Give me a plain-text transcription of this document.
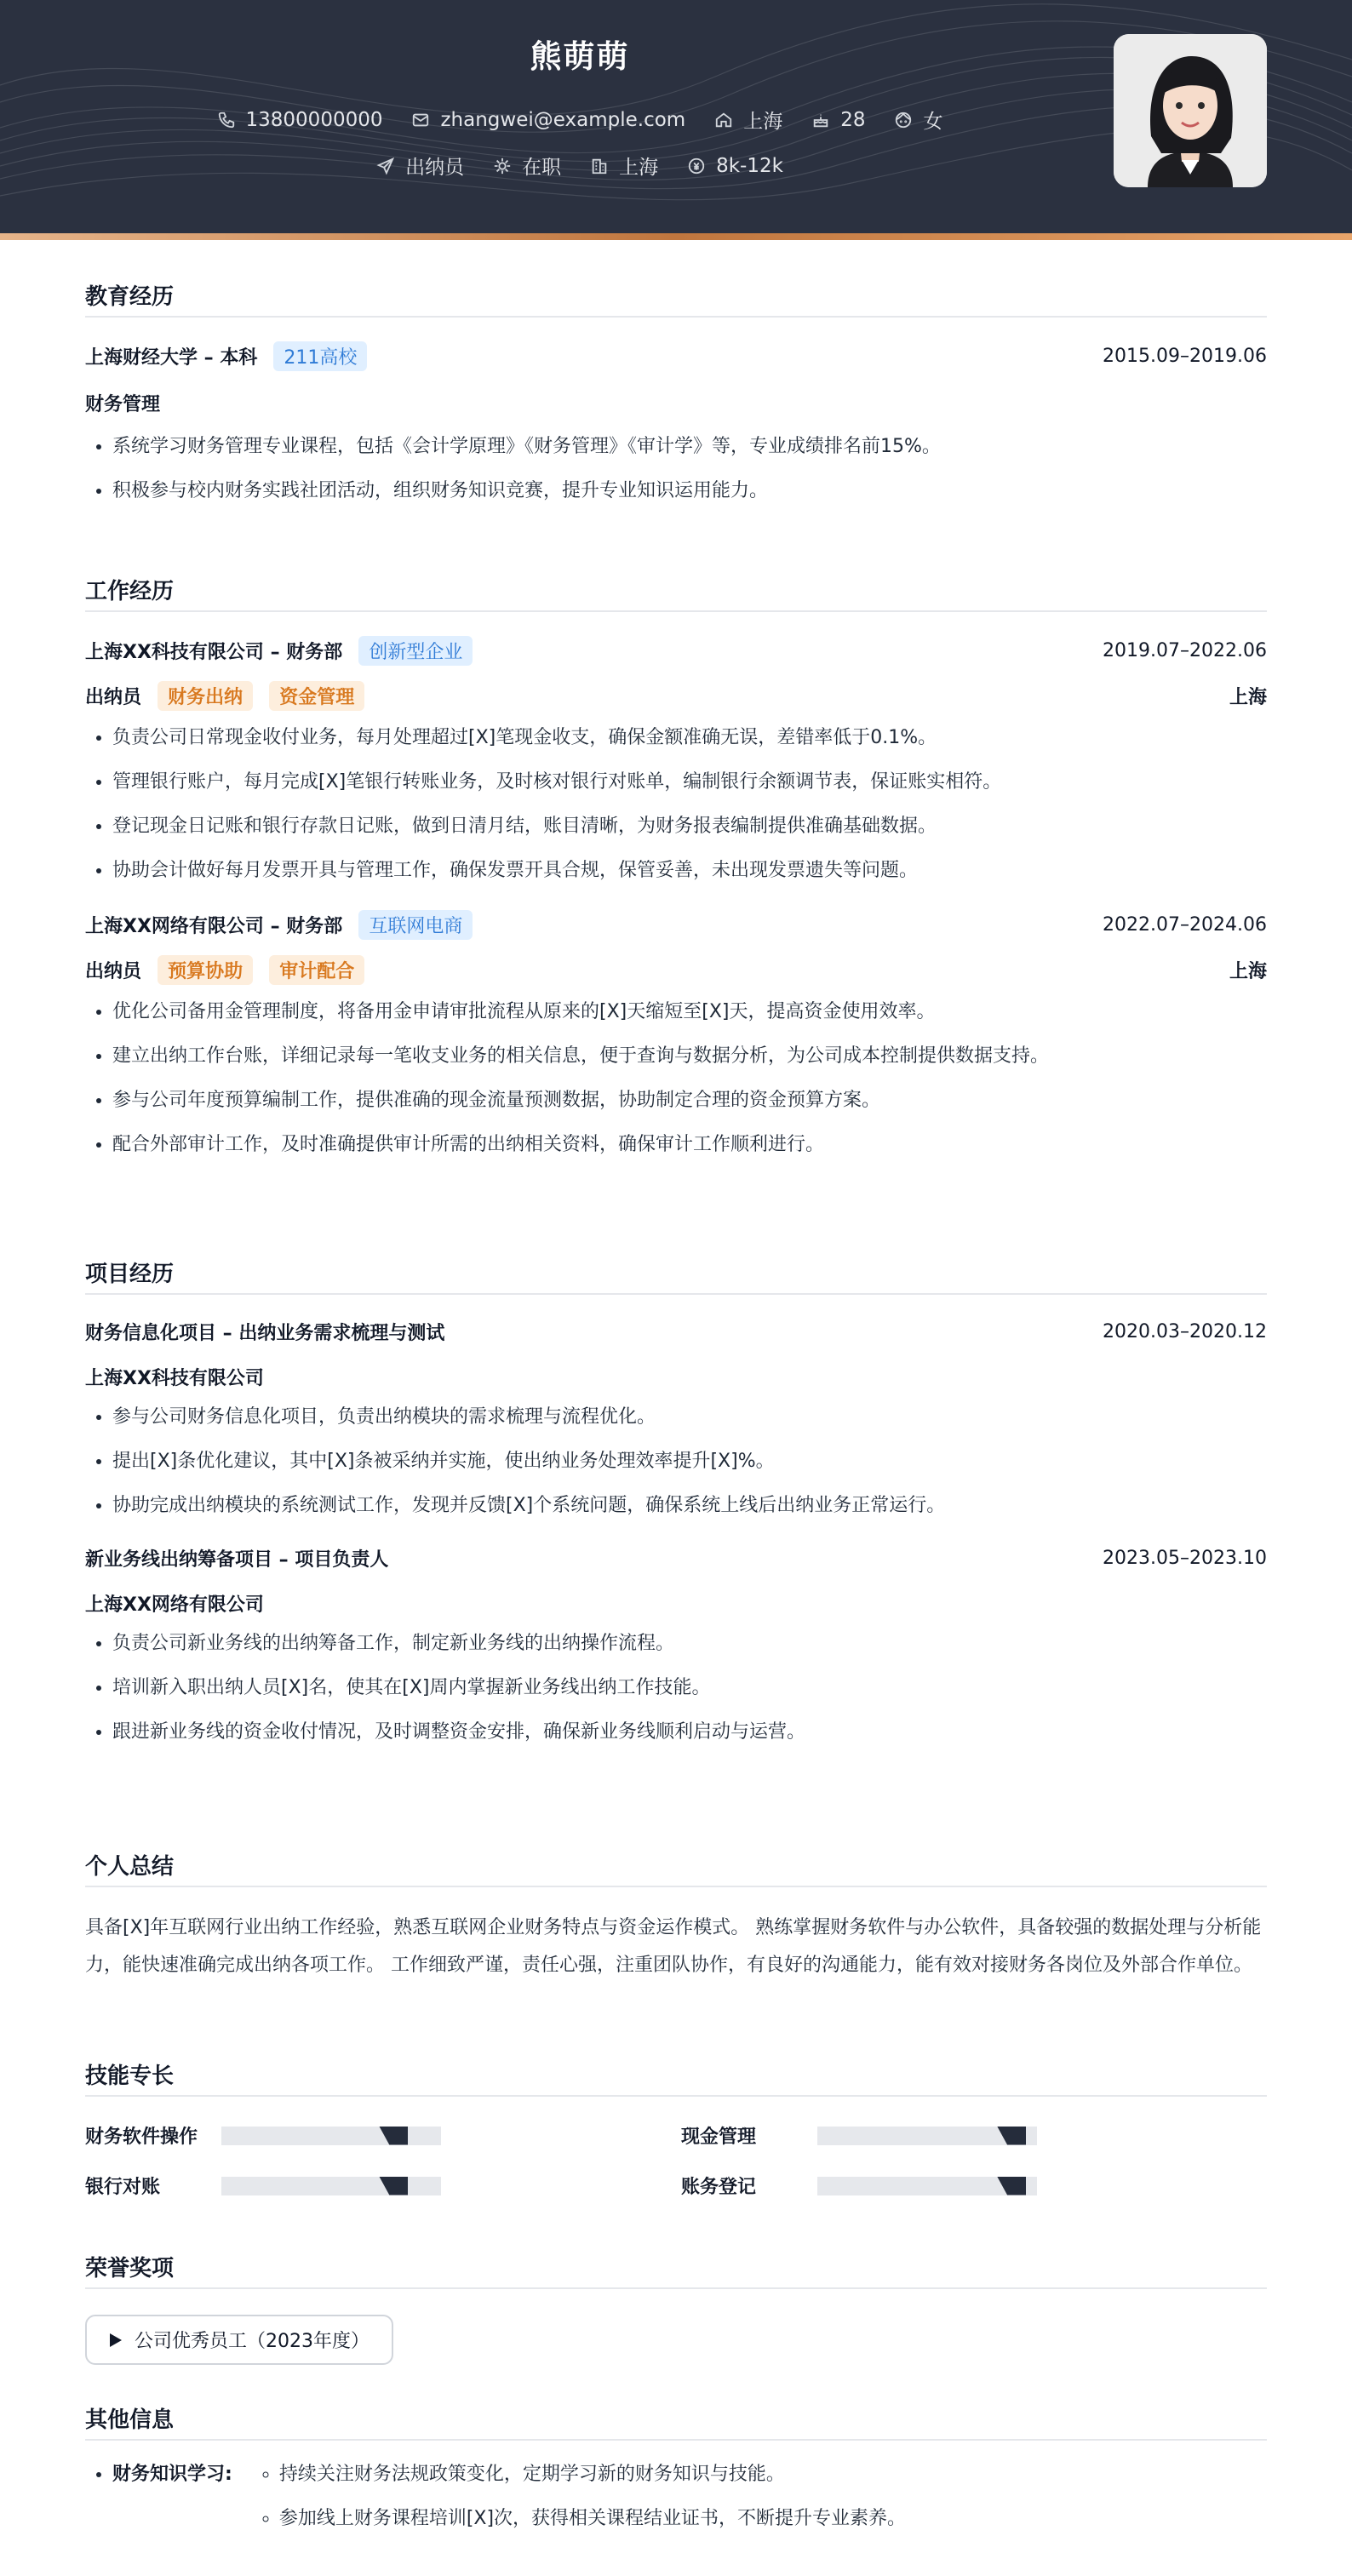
熊萌萌
13800000000	zhangwei@example.com	上海	28	女
出纳员	在职	上海	8k-12k
教育经历
上海财经大学 – 本科 211高校	2015.09–2019.06
财务管理
• 系统学习财务管理专业课程，包括《会计学原理》《财务管理》《审计学》等，专业成绩排名前15%。
• 积极参与校内财务实践社团活动，组织财务知识竞赛，提升专业知识运用能力。
工作经历
上海XX科技有限公司 – 财务部 创新型企业	2019.07–2022.06
出纳员 财务出纳 资金管理	上海
• 负责公司日常现金收付业务，每月处理超过[X]笔现金收支，确保金额准确无误，差错率低于0.1%。
• 管理银行账户，每月完成[X]笔银行转账业务，及时核对银行对账单，编制银行余额调节表，保证账实相符。
• 登记现金日记账和银行存款日记账，做到日清月结，账目清晰，为财务报表编制提供准确基础数据。
• 协助会计做好每月发票开具与管理工作，确保发票开具合规，保管妥善，未出现发票遗失等问题。
上海XX网络有限公司 – 财务部 互联网电商	2022.07–2024.06
出纳员 预算协助 审计配合	上海
• 优化公司备用金管理制度，将备用金申请审批流程从原来的[X]天缩短至[X]天，提高资金使用效率。
• 建立出纳工作台账，详细记录每一笔收支业务的相关信息，便于查询与数据分析，为公司成本控制提供数据支持。
• 参与公司年度预算编制工作，提供准确的现金流量预测数据，协助制定合理的资金预算方案。
• 配合外部审计工作，及时准确提供审计所需的出纳相关资料，确保审计工作顺利进行。
项目经历
财务信息化项目 – 出纳业务需求梳理与测试	2020.03–2020.12
上海XX科技有限公司
• 参与公司财务信息化项目，负责出纳模块的需求梳理与流程优化。
• 提出[X]条优化建议，其中[X]条被采纳并实施，使出纳业务处理效率提升[X]%。
• 协助完成出纳模块的系统测试工作，发现并反馈[X]个系统问题，确保系统上线后出纳业务正常运行。
新业务线出纳筹备项目 – 项目负责人	2023.05–2023.10
上海XX网络有限公司
• 负责公司新业务线的出纳筹备工作，制定新业务线的出纳操作流程。
• 培训新入职出纳人员[X]名，使其在[X]周内掌握新业务线出纳工作技能。
• 跟进新业务线的资金收付情况，及时调整资金安排，确保新业务线顺利启动与运营。
个人总结

具备[X]年互联网行业出纳工作经验，熟悉互联网企业财务特点与资金运作模式。 熟练掌握财务软件与办公软件，具备较强的数据处理与分析能力，能快速准确完成出纳各项工作。 工作细致严谨，责任心强，注重团队协作，有良好的沟通能力，能有效对接财务各岗位及外部合作单位。

技能专长
财务软件操作	现金管理
银行对账	账务登记
荣誉奖项
公司优秀员工（2023年度）
其他信息
• 财务知识学习:
◦	持续关注财务法规政策变化，定期学习新的财务知识与技能。
◦ 参加线上财务课程培训[X]次，获得相关课程结业证书，不断提升专业素养。
